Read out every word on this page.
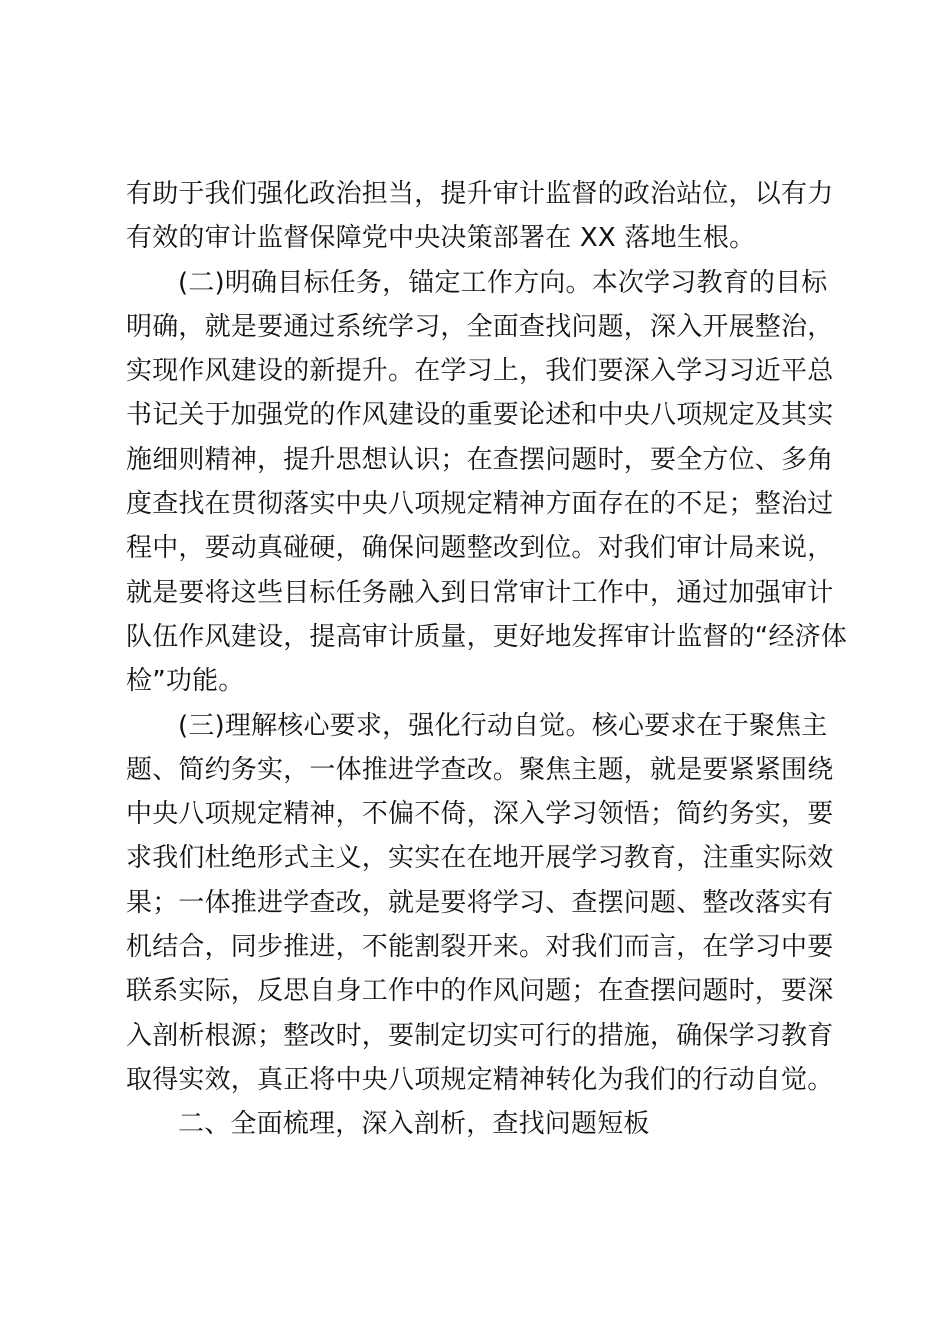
有助于我们强化政治担当，提升审计监督的政治站位，以有力
有效的审计监督保障党中央决策部署在 XX 落地生根。

(二)明确目标任务，锚定工作方向。本次学习教育的目标
明确，就是要通过系统学习，全面查找问题，深入开展整治，
实现作风建设的新提升。在学习上，我们要深入学习习近平总
书记关于加强党的作风建设的重要论述和中央八项规定及其实
施细则精神，提升思想认识；在查摆问题时，要全方位、多角
度查找在贯彻落实中央八项规定精神方面存在的不足；整治过
程中，要动真碰硬，确保问题整改到位。对我们审计局来说，
就是要将这些目标任务融入到日常审计工作中，通过加强审计
队伍作风建设，提高审计质量，更好地发挥审计监督的“经济体
检”功能。

(三)理解核心要求，强化行动自觉。核心要求在于聚焦主
题、简约务实，一体推进学查改。聚焦主题，就是要紧紧围绕
中央八项规定精神，不偏不倚，深入学习领悟；简约务实，要
求我们杜绝形式主义，实实在在地开展学习教育，注重实际效
果；一体推进学查改，就是要将学习、查摆问题、整改落实有
机结合，同步推进，不能割裂开来。对我们而言，在学习中要
联系实际，反思自身工作中的作风问题；在查摆问题时，要深
入剖析根源；整改时，要制定切实可行的措施，确保学习教育
取得实效，真正将中央八项规定精神转化为我们的行动自觉。

二、全面梳理，深入剖析，查找问题短板
